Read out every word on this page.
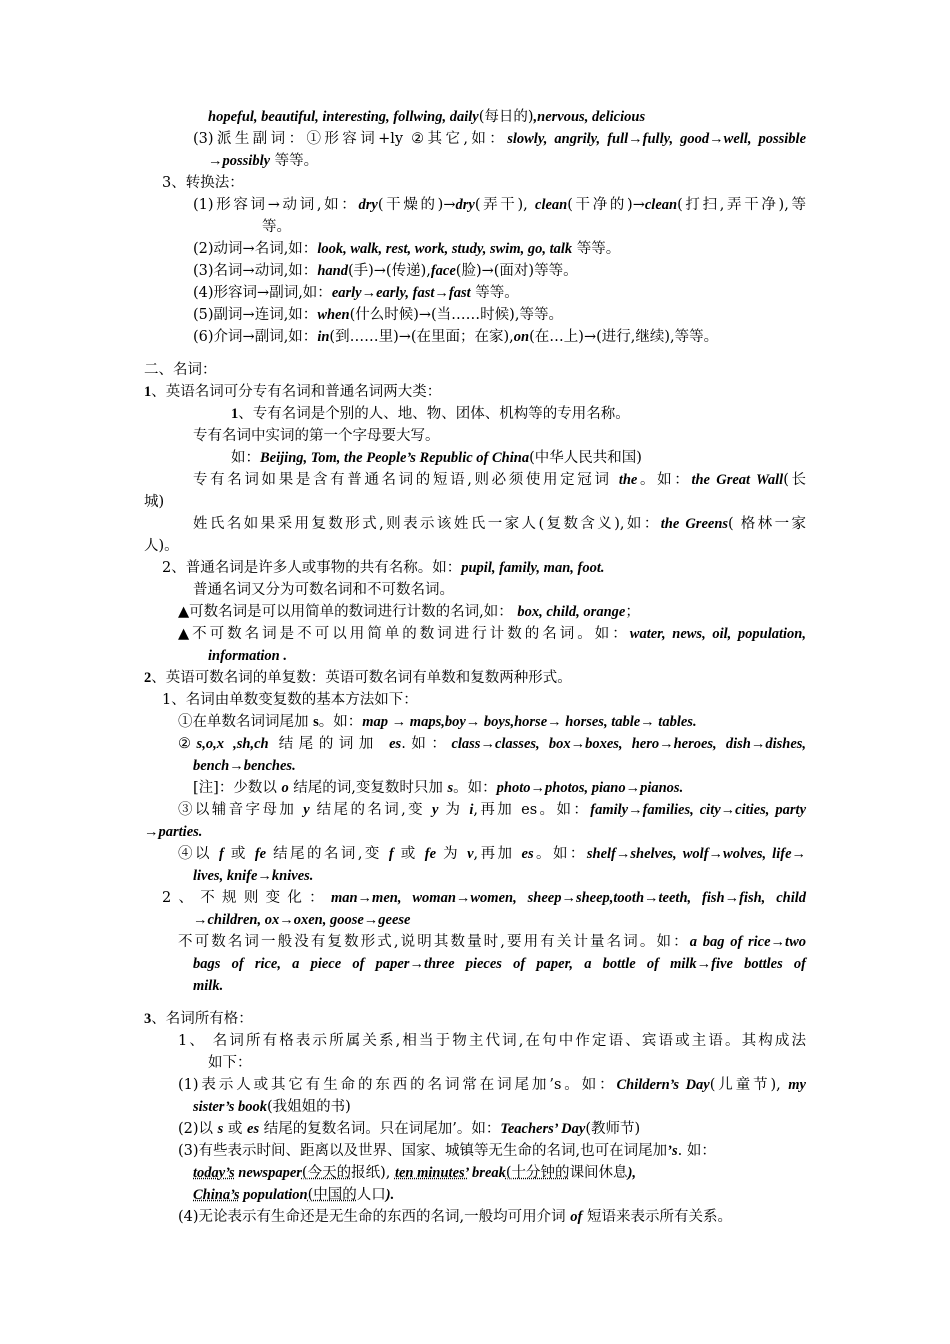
hopeful, beautiful, interesting, follwing, daily(每日的),nervous, delicious
(3)派生副词：①形容词+ly ②其它,如：slowly, angrily, full→fully, good→well, possible
→possibly 等等。
3、转换法：
(1)形容词→动词,如：dry(干燥的)→dry(弄干), clean(干净的)→clean(打扫,弄干净),等
等。
(2)动词→名词,如：look, walk, rest, work, study, swim, go, talk 等等。
(3)名词→动词,如：hand(手)→(传递),face(脸)→(面对)等等。
(4)形容词→副词,如：early→early, fast→fast 等等。
(5)副词→连词,如：when(什么时候)→(当……时候),等等。
(6)介词→副词,如：in(到……里)→(在里面；在家),on(在…上)→(进行,继续),等等。
二、名词：
1、英语名词可分专有名词和普通名词两大类：
1、专有名词是个别的人、地、物、团体、机构等的专用名称。
专有名词中实词的第一个字母要大写。
如：Beijing, Tom, the People’s Republic of China(中华人民共和国)
专有名词如果是含有普通名词的短语,则必须使用定冠词 the。如：the Great Wall(长
城)
姓氏名如果采用复数形式,则表示该姓氏一家人(复数含义),如：the Greens( 格林一家
人)。
2、普通名词是许多人或事物的共有名称。如：pupil, family, man, foot.
普通名词又分为可数名词和不可数名词。
▲可数名词是可以用简单的数词进行计数的名词,如： box, child, orange；
▲不可数名词是不可以用简单的数词进行计数的名词。如：water, news, oil, population,
information .
2、英语可数名词的单复数：英语可数名词有单数和复数两种形式。
1、名词由单数变复数的基本方法如下：
①在单数名词词尾加 s。如：map → maps,boy→ boys,horse→ horses, table→ tables.
②s,o,x ,sh,ch 结尾的词加 es.如：class→classes, box→boxes, hero→heroes, dish→dishes,
bench→benches.
[注]：少数以 o 结尾的词,变复数时只加 s。如：photo→photos, piano→pianos.
③以辅音字母加 y 结尾的名词,变 y 为 i,再加 es。如：family→families, city→cities, party
→parties.
④以 f 或 fe 结尾的名词,变 f 或 fe 为 v,再加 es。如：shelf→shelves, wolf→wolves, life→
lives, knife→knives.
2、不规则变化：man→men, woman→women, sheep→sheep,tooth→teeth, fish→fish, child
→children, ox→oxen, goose→geese
不可数名词一般没有复数形式,说明其数量时,要用有关计量名词。如：a bag of rice→two
bags of rice, a piece of paper→three pieces of paper, a bottle of milk→five bottles of
milk.
3、名词所有格：
1、 名词所有格表示所属关系,相当于物主代词,在句中作定语、宾语或主语。其构成法
如下：
(1)表示人或其它有生命的东西的名词常在词尾加’s。如：Childern’s Day(儿童节), my
sister’s book(我姐姐的书)
(2)以 s 或 es 结尾的复数名词。只在词尾加’。如：Teachers’ Day(教师节)
(3)有些表示时间、距离以及世界、国家、城镇等无生命的名词,也可在词尾加’s. 如：
today’s newspaper(今天的报纸), ten minutes’ break(十分钟的课间休息),
China’s population(中国的人口).
(4)无论表示有生命还是无生命的东西的名词,一般均可用介词 of 短语来表示所有关系。
